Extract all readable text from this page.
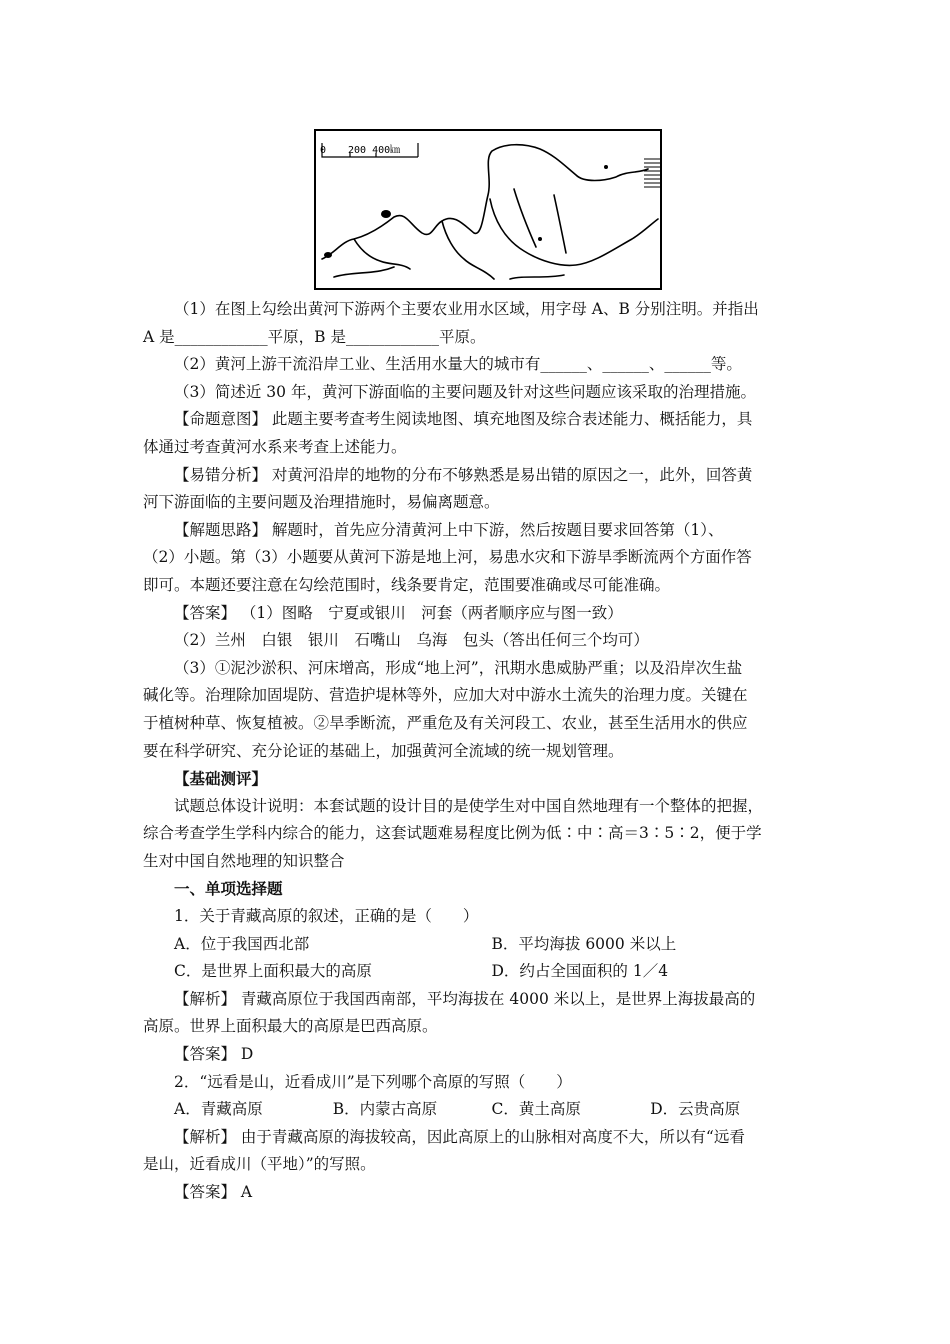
0 200 400㎞

（1）在图上勾绘出黄河下游两个主要农业用水区域，用字母 A、B 分别注明。并指出

A 是____________平原，B 是____________平原。

（2）黄河上游干流沿岸工业、生活用水量大的城市有______、______、______等。

（3）简述近 30 年，黄河下游面临的主要问题及针对这些问题应该采取的治理措施。

【命题意图】 此题主要考查考生阅读地图、填充地图及综合表述能力、概括能力，具

体通过考查黄河水系来考查上述能力。

【易错分析】 对黄河沿岸的地物的分布不够熟悉是易出错的原因之一，此外，回答黄

河下游面临的主要问题及治理措施时，易偏离题意。

【解题思路】 解题时，首先应分清黄河上中下游，然后按题目要求回答第（1）、

（2）小题。第（3）小题要从黄河下游是地上河，易患水灾和下游旱季断流两个方面作答

即可。本题还要注意在勾绘范围时，线条要肯定，范围要准确或尽可能准确。

【答案】 （1）图略　宁夏或银川　河套（两者顺序应与图一致）

（2）兰州　白银　银川　石嘴山　乌海　包头（答出任何三个均可）

（3）①泥沙淤积、河床增高，形成“地上河”，汛期水患威胁严重；以及沿岸次生盐

碱化等。治理除加固堤防、营造护堤林等外，应加大对中游水土流失的治理力度。关键在

于植树种草、恢复植被。②旱季断流，严重危及有关河段工、农业，甚至生活用水的供应

要在科学研究、充分论证的基础上，加强黄河全流域的统一规划管理。

【基础测评】

试题总体设计说明：本套试题的设计目的是使学生对中国自然地理有一个整体的把握，

综合考查学生学科内综合的能力，这套试题难易程度比例为低∶中∶高＝3∶5∶2，便于学

生对中国自然地理的知识整合

一、单项选择题

1．关于青藏高原的叙述，正确的是（　　）

A．位于我国西北部	B．平均海拔 6000 米以上
C．是世界上面积最大的高原	D．约占全国面积的 1／4

【解析】 青藏高原位于我国西南部，平均海拔在 4000 米以上，是世界上海拔最高的

高原。世界上面积最大的高原是巴西高原。

【答案】 D

2．“远看是山，近看成川”是下列哪个高原的写照（　　）

A．青藏高原	B．内蒙古高原	C．黄土高原	D．云贵高原

【解析】 由于青藏高原的海拔较高，因此高原上的山脉相对高度不大，所以有“远看

是山，近看成川（平地）”的写照。

【答案】 A
